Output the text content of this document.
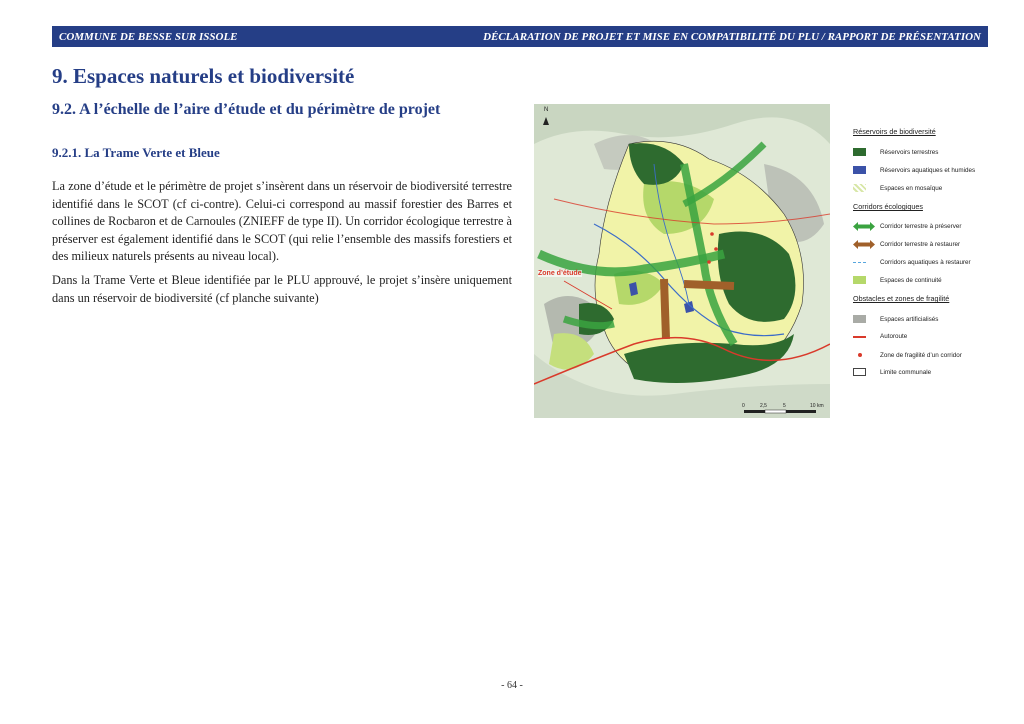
COMMUNE DE BESSE SUR ISSOLE	DÉCLARATION DE PROJET ET MISE EN COMPATIBILITÉ DU PLU / RAPPORT DE PRÉSENTATION
9. Espaces naturels et biodiversité
9.2. A l’échelle de l’aire d’étude et du périmètre de projet
9.2.1. La Trame Verte et Bleue

La zone d’étude et le périmètre de projet s’insèrent dans un réservoir de biodiversité terrestre identifié dans le SCOT (cf ci-contre). Celui-ci correspond au massif forestier des Barres et collines de Rocbaron et de Carnoules (ZNIEFF de type II). Un corridor écologique terrestre à préserver est également identifié dans le SCOT (qui relie l’ensemble des massifs forestiers et des milieux naturels présents au niveau local).

Dans la Trame Verte et Bleue identifiée par le PLU approuvé, le projet s’insère uniquement dans un réservoir de biodiversité (cf planche suivante)

N
Zone d’étude
0	2,5	5	10 km
Réservoirs de biodiversité
Réservoirs terrestres
Réservoirs aquatiques et humides
Espaces en mosaïque
Corridors écologiques
Corridor terrestre à préserver
Corridor terrestre à restaurer
Corridors aquatiques à restaurer
Espaces de continuité
Obstacles et zones de fragilité
Espaces artificialisés
Autoroute
Zone de fragilité d’un corridor
Limite communale
- 64 -
